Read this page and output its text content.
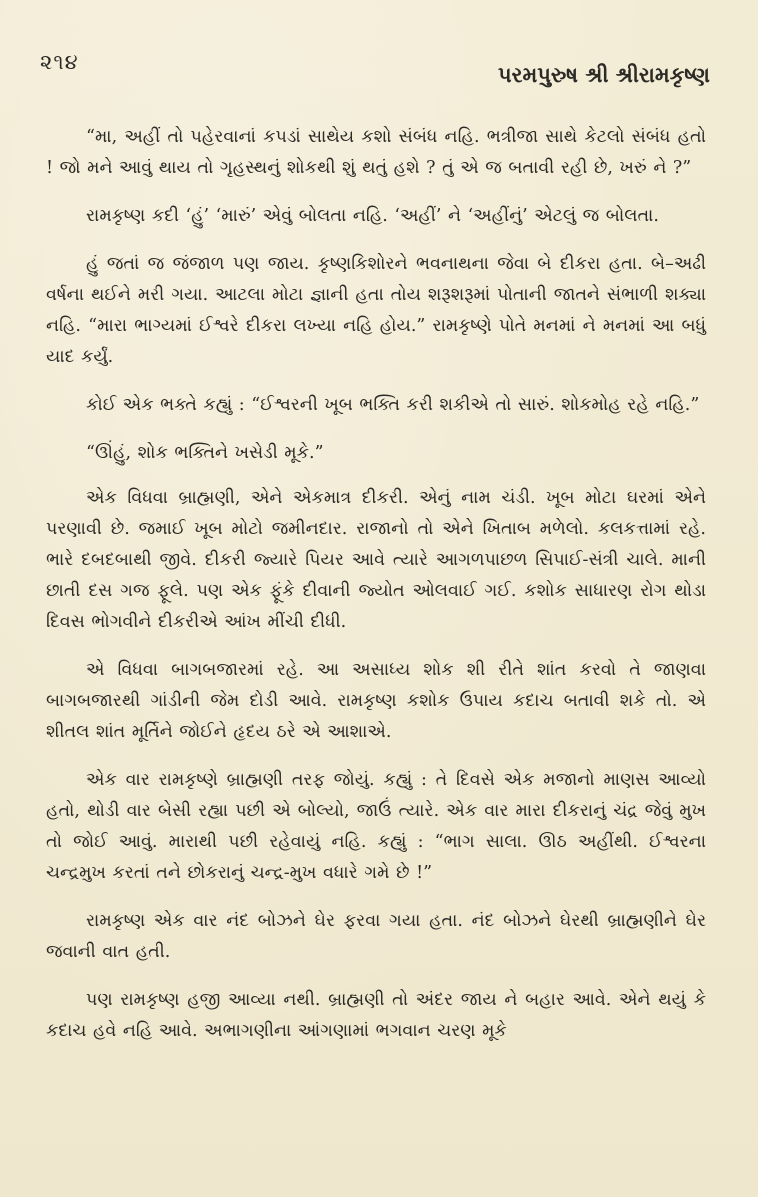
૨૧૪	પરમપુરુષ શ્રી શ્રીરામકૃષ્ણ

“મા, અહીં તો પહેરવાનાં કપડાં સાથેય કશો સંબંધ નહિ. ભત્રીજા સાથે કેટલો સંબંધ હતો ! જો મને આવું થાય તો ગૃહસ્થનું શોકથી શું થતું હશે ? તું એ જ બતાવી રહી છે, ખરું ને ?”

રામકૃષ્ણ કદી ‘હું’ ‘મારું’ એવું બોલતા નહિ. ‘અહીં’ ને ‘અહીંનું’ એટલું જ બોલતા.

હું જતાં જ જંજાળ પણ જાય. કૃષ્ણકિશોરને ભવનાથના જેવા બે દીકરા હતા. બે–અઢી વર્ષના થઈને મરી ગયા. આટલા મોટા જ્ઞાની હતા તોય શરૂશરૂમાં પોતાની જાતને સંભાળી શક્યા નહિ. “મારા ભાગ્યમાં ઈશ્વરે દીકરા લખ્યા નહિ હોય.” રામકૃષ્ણે પોતે મનમાં ને મનમાં આ બધું યાદ કર્યું.

કોઈ એક ભક્તે કહ્યું : “ઈશ્વરની ખૂબ ભક્તિ કરી શકીએ તો સારું. શોકમોહ રહે નહિ.”

“ઊંહું, શોક ભક્તિને ખસેડી મૂકે.”

એક વિધવા બ્રાહ્મણી, એને એકમાત્ર દીકરી. એનું નામ ચંડી. ખૂબ મોટા ઘરમાં એને પરણાવી છે. જમાઈ ખૂબ મોટો જમીનદાર. રાજાનો તો એને ખિતાબ મળેલો. કલકત્તામાં રહે. ભારે દબદબાથી જીવે. દીકરી જ્યારે પિયર આવે ત્યારે આગળપાછળ સિપાઈ-સંત્રી ચાલે. માની છાતી દસ ગજ ફૂલે. પણ એક ફૂંકે દીવાની જ્યોત ઓલવાઈ ગઈ. કશોક સાધારણ રોગ થોડા દિવસ ભોગવીને દીકરીએ આંખ મીંચી દીધી.

એ વિધવા બાગબજારમાં રહે. આ અસાધ્ય શોક શી રીતે શાંત કરવો તે જાણવા બાગબજારથી ગાંડીની જેમ દોડી આવે. રામકૃષ્ણ કશોક ઉપાય કદાચ બતાવી શકે તો. એ શીતલ શાંત મૂર્તિને જોઈને હૃદય ઠરે એ આશાએ.

એક વાર રામકૃષ્ણે બ્રાહ્મણી તરફ જોયું. કહ્યું : તે દિવસે એક મજાનો માણસ આવ્યો હતો, થોડી વાર બેસી રહ્યા પછી એ બોલ્યો, જાઉં ત્યારે. એક વાર મારા દીકરાનું ચંદ્ર જેવું મુખ તો જોઈ આવું. મારાથી પછી રહેવાયું નહિ. કહ્યું : “ભાગ સાલા. ઊઠ અહીંથી. ઈશ્વરના ચન્દ્રમુખ કરતાં તને છોકરાનું ચન્દ્ર-મુખ વધારે ગમે છે !”

રામકૃષ્ણ એક વાર નંદ બોઝને ઘેર ફરવા ગયા હતા. નંદ બોઝને ઘેરથી બ્રાહ્મણીને ઘેર જવાની વાત હતી.

પણ રામકૃષ્ણ હજી આવ્યા નથી. બ્રાહ્મણી તો અંદર જાય ને બહાર આવે. એને થયું કે કદાચ હવે નહિ આવે. અભાગણીના આંગણામાં ભગવાન ચરણ મૂકે
